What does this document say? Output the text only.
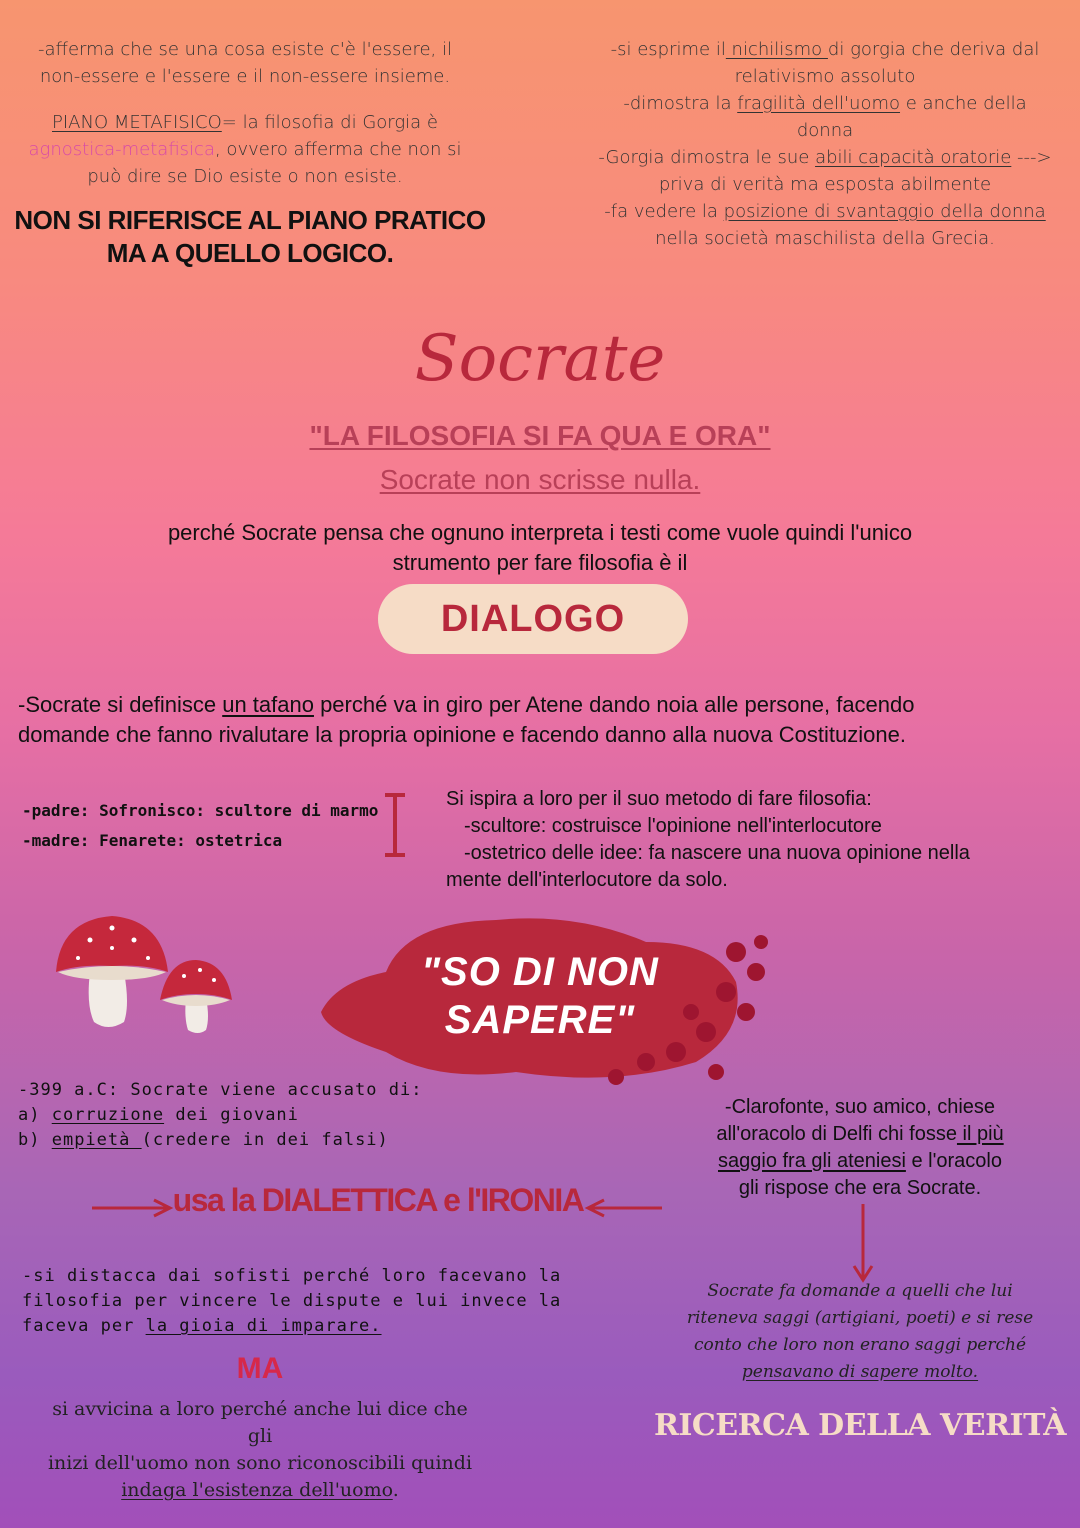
-afferma che se una cosa esiste c'è l'essere, il
non-essere e l'essere e il non-essere insieme.
PIANO METAFISICO= la filosofia di Gorgia è
agnostica-metafisica, ovvero afferma che non si
può dire se Dio esiste o non esiste.
NON SI RIFERISCE AL PIANO PRATICO
MA A QUELLO LOGICO.
-si esprime il nichilismo di gorgia che deriva dal
relativismo assoluto
-dimostra la fragilità dell'uomo e anche della
donna
-Gorgia dimostra le sue abili capacità oratorie --->
priva di verità ma esposta abilmente
-fa vedere la posizione di svantaggio della donna
nella società maschilista della Grecia.
Socrate
"LA FILOSOFIA SI FA QUA E ORA"
Socrate non scrisse nulla.
perché Socrate pensa che ognuno interpreta i testi come vuole quindi l'unico
strumento per fare filosofia è il
DIALOGO
-Socrate si definisce un tafano perché va in giro per Atene dando noia alle persone, facendo
domande che fanno rivalutare la propria opinione e facendo danno alla nuova Costituzione.
-padre: Sofronisco: scultore di marmo
-madre: Fenarete: ostetrica
Si ispira a loro per il suo metodo di fare filosofia:
-scultore: costruisce l'opinione nell'interlocutore
-ostetrico delle idee: fa nascere una nuova opinione nella
mente dell'interlocutore da solo.
"SO DI NON
SAPERE"
-399 a.C: Socrate viene accusato di:
a) corruzione dei giovani
b) empietà (credere in dei falsi)
usa la DIALETTICA e l'IRONIA
-Clarofonte, suo amico, chiese
all'oracolo di Delfi chi fosse il più
saggio fra gli ateniesi e l'oracolo
gli rispose che era Socrate.
-si distacca dai sofisti perché loro facevano la
filosofia per vincere le dispute e lui invece la
faceva per la gioia di imparare.
MA
si avvicina a loro perché anche lui dice che gli
inizi dell'uomo non sono riconoscibili quindi
indaga l'esistenza dell'uomo.
Socrate fa domande a quelli che lui
riteneva saggi (artigiani, poeti) e si rese
conto che loro non erano saggi perché
pensavano di sapere molto.
RICERCA DELLA VERITÀ
